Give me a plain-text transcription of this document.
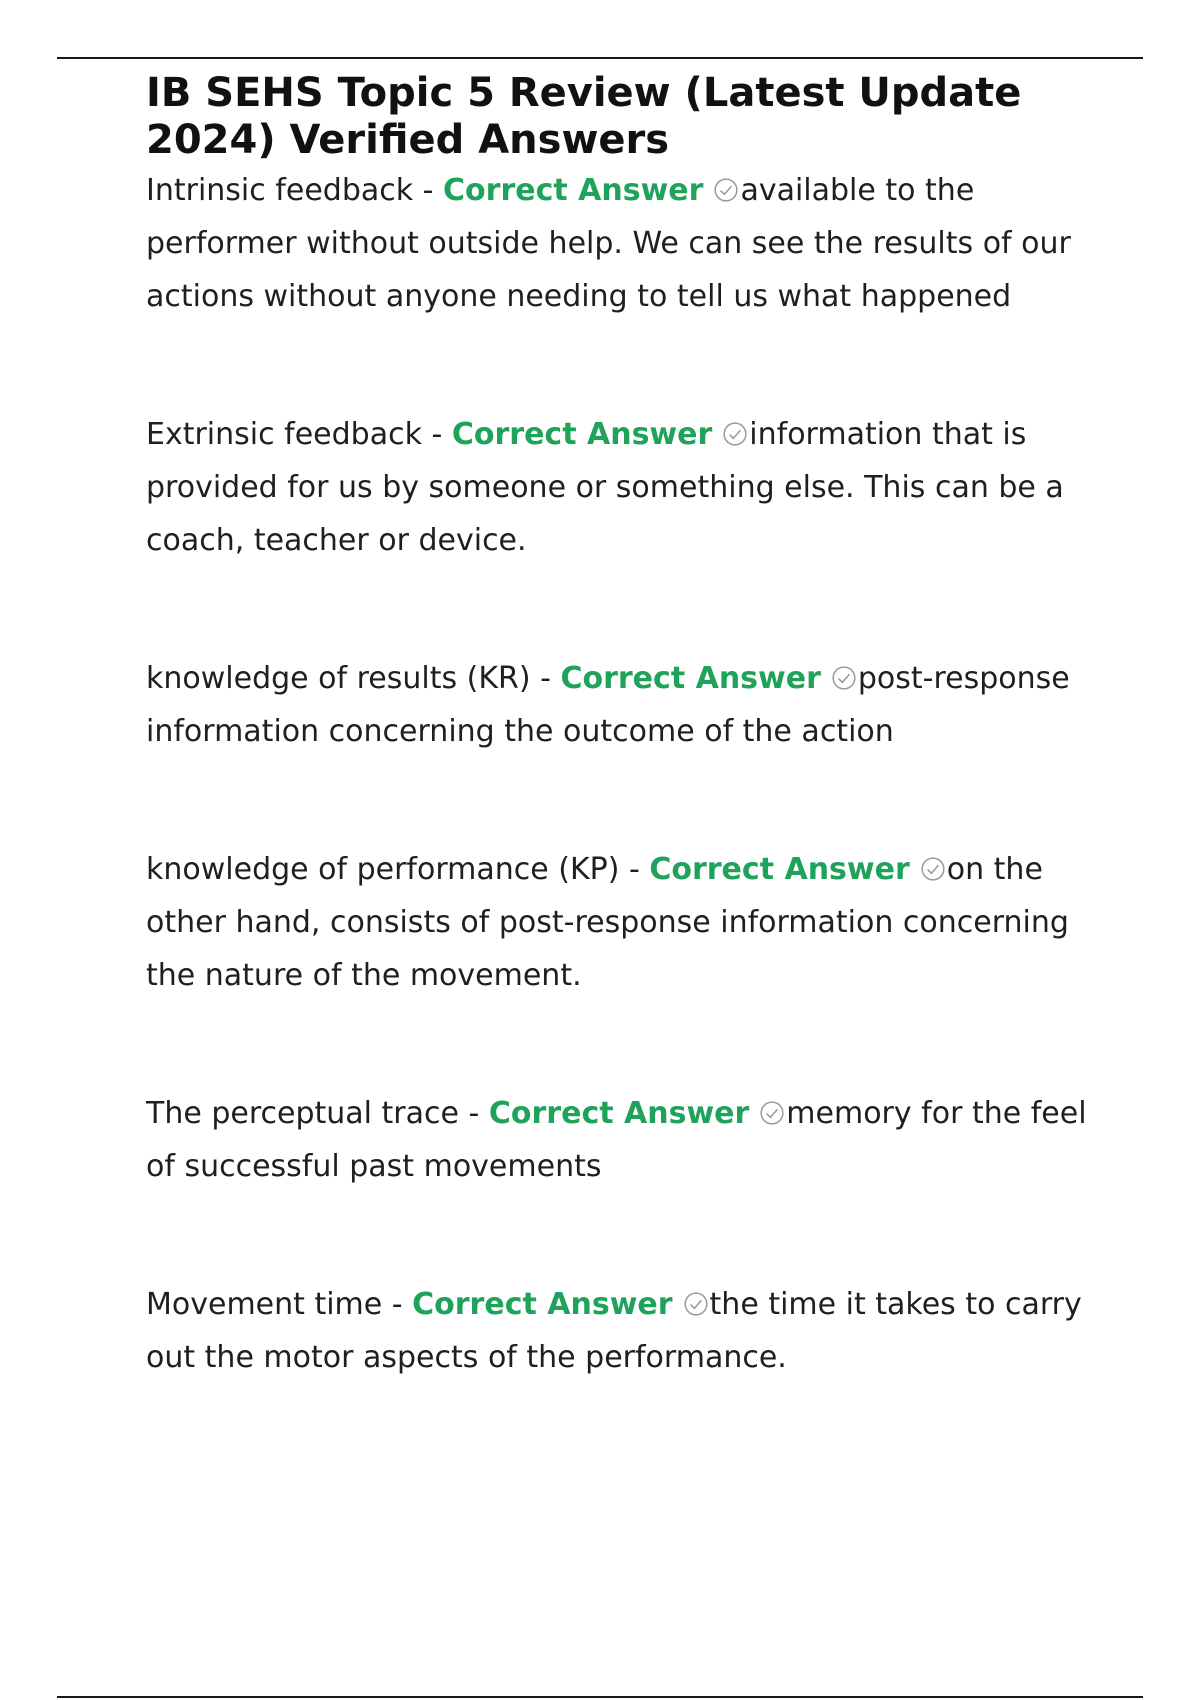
IB SEHS Topic 5 Review (Latest Update 2024) Verified Answers

Intrinsic feedback - Correct Answer available to the performer without outside help. We can see the results of our actions without anyone needing to tell us what happened

Extrinsic feedback - Correct Answer information that is provided for us by someone or something else. This can be a coach, teacher or device.

knowledge of results (KR) - Correct Answer post-response information concerning the outcome of the action

knowledge of performance (KP) - Correct Answer on the other hand, consists of post-response information concerning the nature of the movement.

The perceptual trace - Correct Answer memory for the feel of successful past movements

Movement time - Correct Answer the time it takes to carry out the motor aspects of the performance.
